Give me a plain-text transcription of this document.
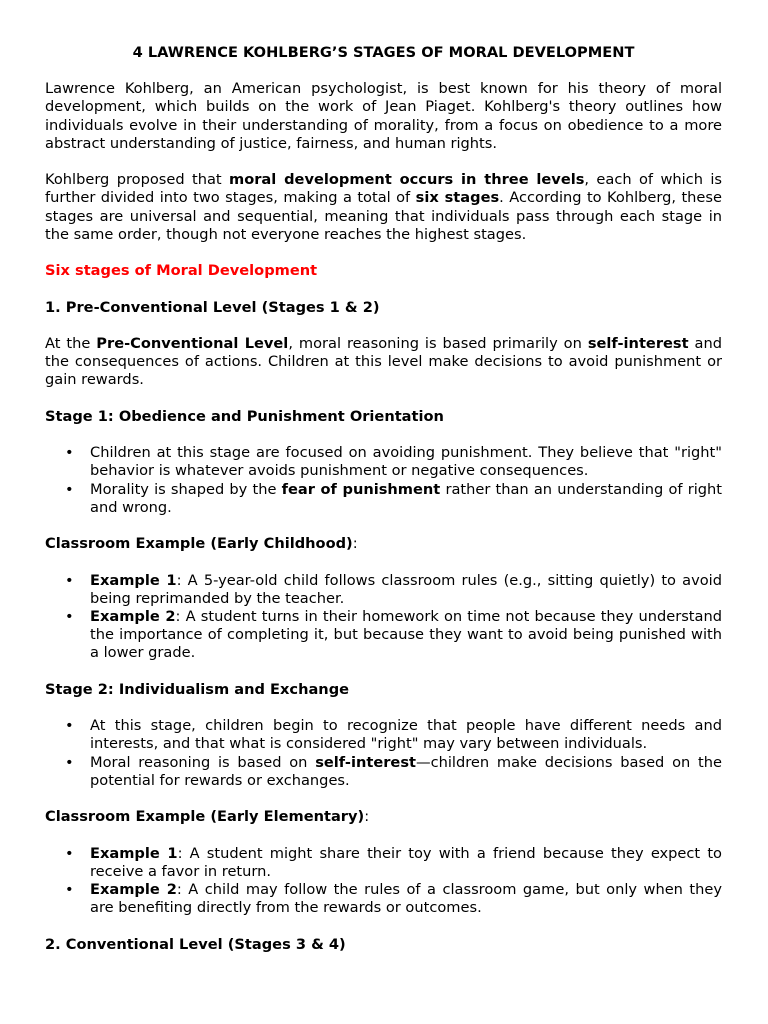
4 LAWRENCE KOHLBERG’S STAGES OF MORAL DEVELOPMENT

Lawrence Kohlberg, an American psychologist, is best known for his theory of moral development, which builds on the work of Jean Piaget. Kohlberg's theory outlines how individuals evolve in their understanding of morality, from a focus on obedience to a more abstract understanding of justice, fairness, and human rights.

Kohlberg proposed that moral development occurs in three levels, each of which is further divided into two stages, making a total of six stages. According to Kohlberg, these stages are universal and sequential, meaning that individuals pass through each stage in the same order, though not everyone reaches the highest stages.

Six stages of Moral Development
1. Pre-Conventional Level (Stages 1 & 2)

At the Pre-Conventional Level, moral reasoning is based primarily on self-interest and the consequences of actions. Children at this level make decisions to avoid punishment or gain rewards.

Stage 1: Obedience and Punishment Orientation
• Children at this stage are focused on avoiding punishment. They believe that "right" behavior is whatever avoids punishment or negative consequences.
• Morality is shaped by the fear of punishment rather than an understanding of right and wrong.
Classroom Example (Early Childhood):
• Example 1: A 5-year-old child follows classroom rules (e.g., sitting quietly) to avoid being reprimanded by the teacher.
• Example 2: A student turns in their homework on time not because they understand the importance of completing it, but because they want to avoid being punished with a lower grade.
Stage 2: Individualism and Exchange
• At this stage, children begin to recognize that people have different needs and interests, and that what is considered "right" may vary between individuals.
• Moral reasoning is based on self-interest—children make decisions based on the potential for rewards or exchanges.
Classroom Example (Early Elementary):
• Example 1: A student might share their toy with a friend because they expect to receive a favor in return.
• Example 2: A child may follow the rules of a classroom game, but only when they are benefiting directly from the rewards or outcomes.
2. Conventional Level (Stages 3 & 4)
